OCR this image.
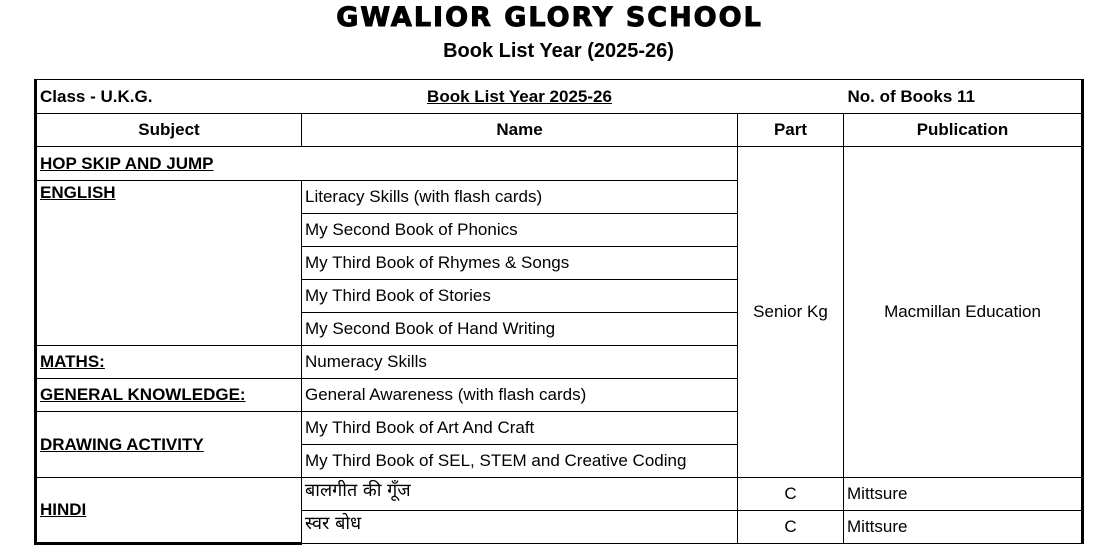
GWALIOR GLORY SCHOOL
Book List Year (2025-26)
Class - U.K.G.	Book List Year 2025-26	No. of Books 11	
Subject	Name	Part	Publication
HOP SKIP AND JUMP		Senior Kg	Macmillan Education
ENGLISH	Literacy Skills (with flash cards)		
	My Second Book of Phonics		
	My Third Book of Rhymes & Songs		
	My Third Book of Stories		
	My Second Book of Hand Writing		
MATHS:	Numeracy Skills		
GENERAL KNOWLEDGE:	General Awareness (with flash cards)		
DRAWING ACTIVITY	My Third Book of Art And Craft		
	My Third Book of SEL, STEM and Creative Coding		
HINDI	बालगीत की गूँज	C	Mittsure
	स्वर बोध	C	Mittsure
